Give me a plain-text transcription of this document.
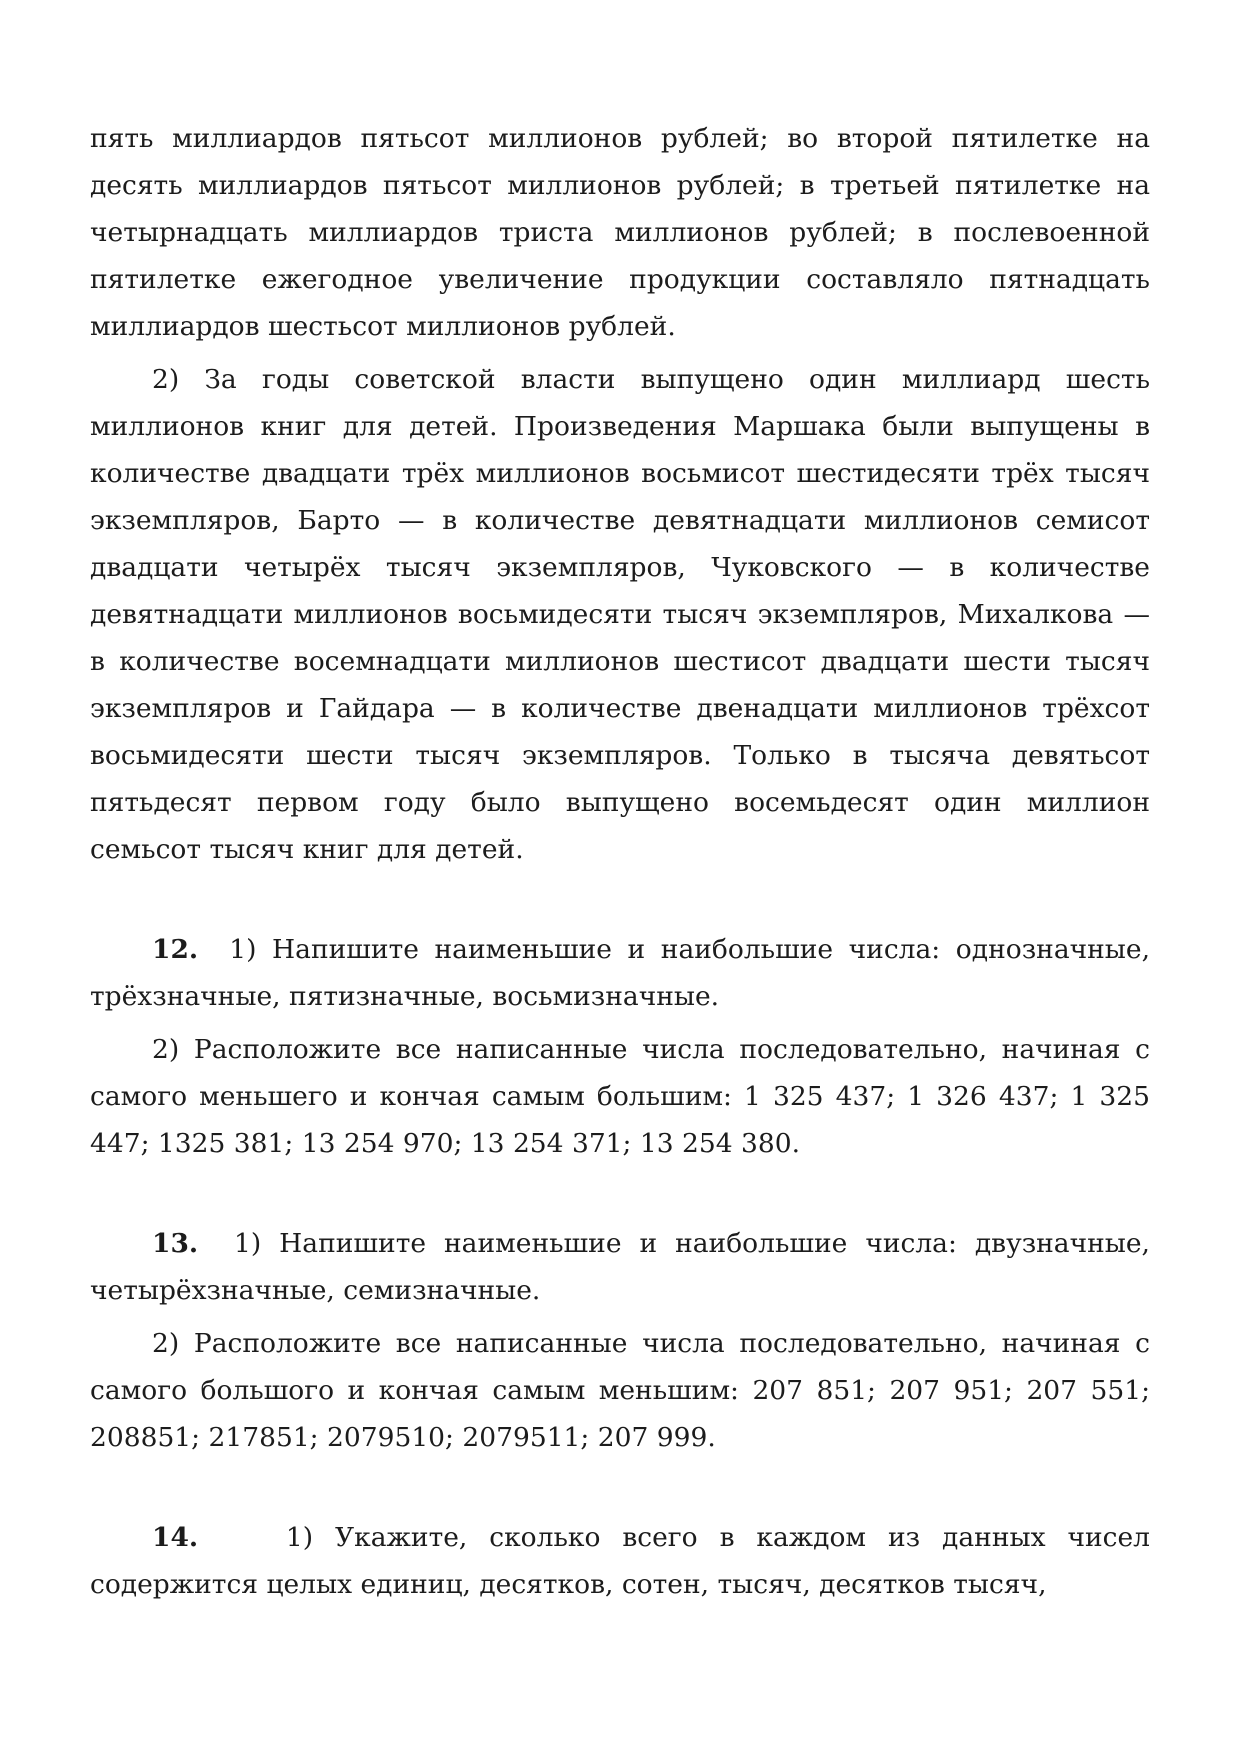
пять миллиардов пятьсот миллионов рублей; во второй пятилетке на десять миллиардов пятьсот миллионов рублей; в третьей пятилетке на четырнадцать миллиардов триста миллионов рублей; в послевоенной пятилетке ежегодное увеличение продукции составляло пятнадцать миллиардов шестьсот миллионов рублей.

2) За годы советской власти выпущено один миллиард шесть миллионов книг для детей. Произведения Маршака были выпущены в количестве двадцати трёх миллионов восьмисот шестидесяти трёх тысяч экземпляров, Барто — в количестве девятнадцати миллионов семисот двадцати четырёх тысяч экземпляров, Чуковского — в количестве девятнадцати миллионов восьмидесяти тысяч экземпляров, Михалкова — в количестве восемнадцати миллионов шестисот двадцати шести тысяч экземпляров и Гайдара — в количестве двенадцати миллионов трёхсот восьмидесяти шести тысяч экземпляров. Только в тысяча девятьсот пятьдесят первом году было выпущено восемьдесят один миллион семьсот тысяч книг для детей.

12. 1) Напишите наименьшие и наибольшие числа: однозначные, трёхзначные, пятизначные, восьмизначные.

2) Расположите все написанные числа последовательно, начиная с самого меньшего и кончая самым большим: 1 325 437; 1 326 437; 1 325 447; 1325 381; 13 254 970; 13 254 371; 13 254 380.

13. 1) Напишите наименьшие и наибольшие числа: двузначные, четырёхзначные, семизначные.

2) Расположите все написанные числа последовательно, начиная с самого большого и кончая самым меньшим: 207 851; 207 951; 207 551; 208851; 217851; 2079510; 2079511; 207 999.

14.	1) Укажите, сколько всего в каждом из данных чисел содержится целых единиц, десятков, сотен, тысяч, десятков тысяч,
